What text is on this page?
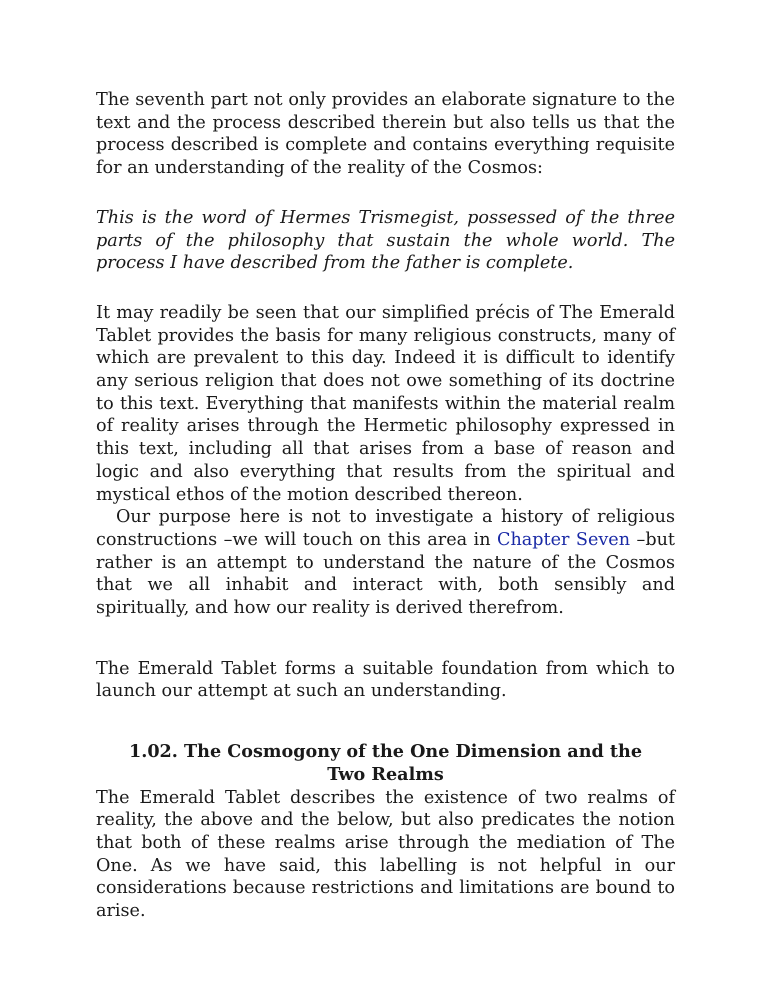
The seventh part not only provides an elaborate signature to the text and the process described therein but also tells us that the process described is complete and contains everything requisite for an understanding of the reality of the Cosmos:

This is the word of Hermes Trismegist, possessed of the three parts of the philosophy that sustain the whole world. The process I have described from the father is complete.

It may readily be seen that our simplified précis of The Emerald Tablet provides the basis for many religious constructs, many of which are prevalent to this day. Indeed it is difficult to identify any serious religion that does not owe something of its doctrine to this text. Everything that manifests within the material realm of reality arises through the Hermetic philosophy expressed in this text, including all that arises from a base of reason and logic and also everything that results from the spiritual and mystical ethos of the motion described thereon.

Our purpose here is not to investigate a history of religious constructions –we will touch on this area in Chapter Seven –but rather is an attempt to understand the nature of the Cosmos that we all inhabit and interact with, both sensibly and spiritually, and how our reality is derived therefrom.

The Emerald Tablet forms a suitable foundation from which to launch our attempt at such an understanding.

1.02. The Cosmogony of the One Dimension and the
Two Realms

The Emerald Tablet describes the existence of two realms of reality, the above and the below, but also predicates the notion that both of these realms arise through the mediation of The One. As we have said, this labelling is not helpful in our considerations because restrictions and limitations are bound to arise.
